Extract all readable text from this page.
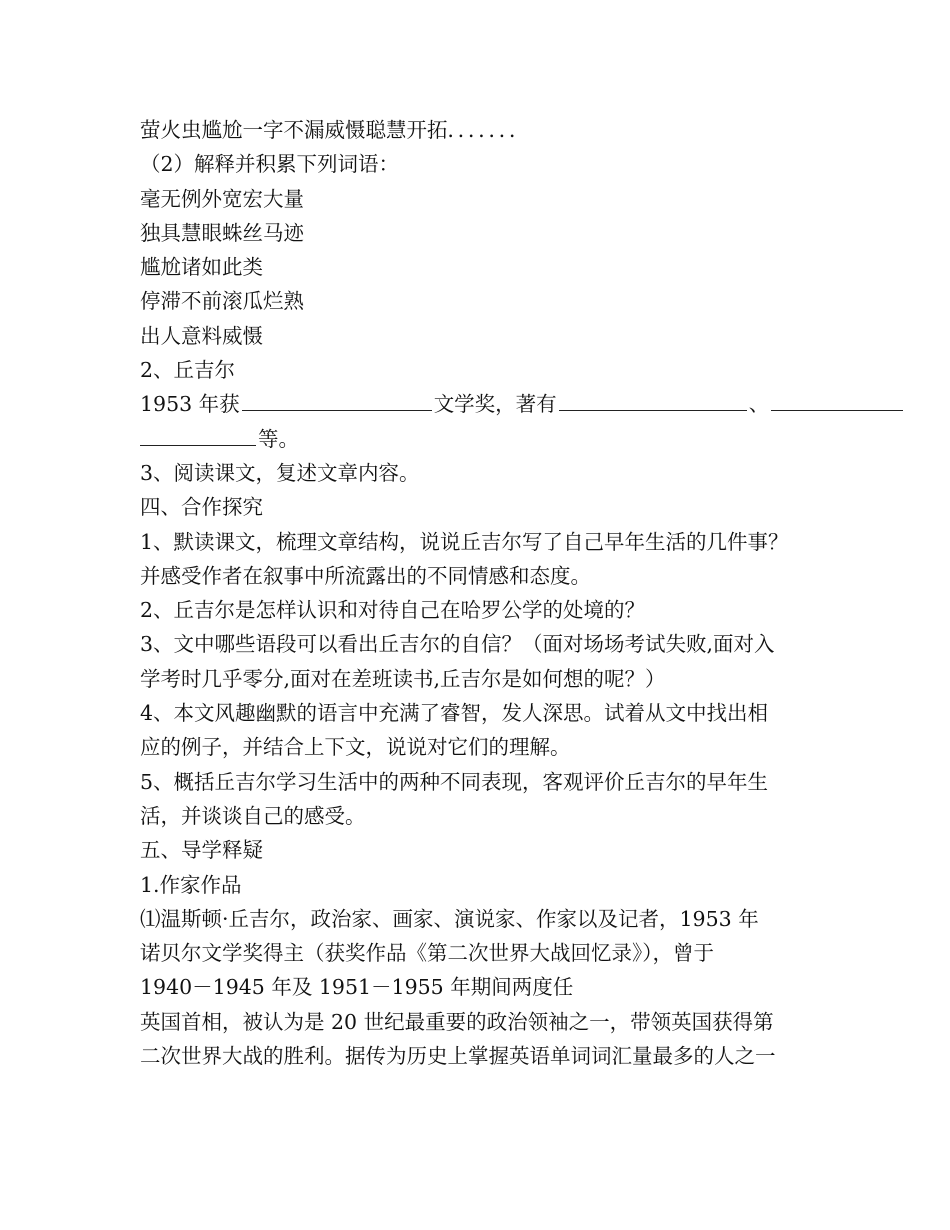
萤火虫尴尬一字不漏威慑聪慧开拓．．．．．．．
（2）解释并积累下列词语：
毫无例外宽宏大量
独具慧眼蛛丝马迹
尴尬诸如此类
停滞不前滚瓜烂熟
出人意料威慑
2、丘吉尔
1953 年获	文学奖，著有	、
等。
3、阅读课文，复述文章内容。
四、合作探究
1、默读课文，梳理文章结构，说说丘吉尔写了自己早年生活的几件事？
并感受作者在叙事中所流露出的不同情感和态度。
2、丘吉尔是怎样认识和对待自己在哈罗公学的处境的？
3、文中哪些语段可以看出丘吉尔的自信？（面对场场考试失败,面对入
学考时几乎零分,面对在差班读书,丘吉尔是如何想的呢？）
4、本文风趣幽默的语言中充满了睿智，发人深思。试着从文中找出相
应的例子，并结合上下文，说说对它们的理解。
5、概括丘吉尔学习生活中的两种不同表现，客观评价丘吉尔的早年生
活，并谈谈自己的感受。
五、导学释疑
1.作家作品
⑴温斯顿·丘吉尔，政治家、画家、演说家、作家以及记者，1953 年
诺贝尔文学奖得主（获奖作品《第二次世界大战回忆录》），曾于
1940－1945 年及 1951－1955 年期间两度任
英国首相，被认为是 20 世纪最重要的政治领袖之一，带领英国获得第
二次世界大战的胜利。据传为历史上掌握英语单词词汇量最多的人之一
